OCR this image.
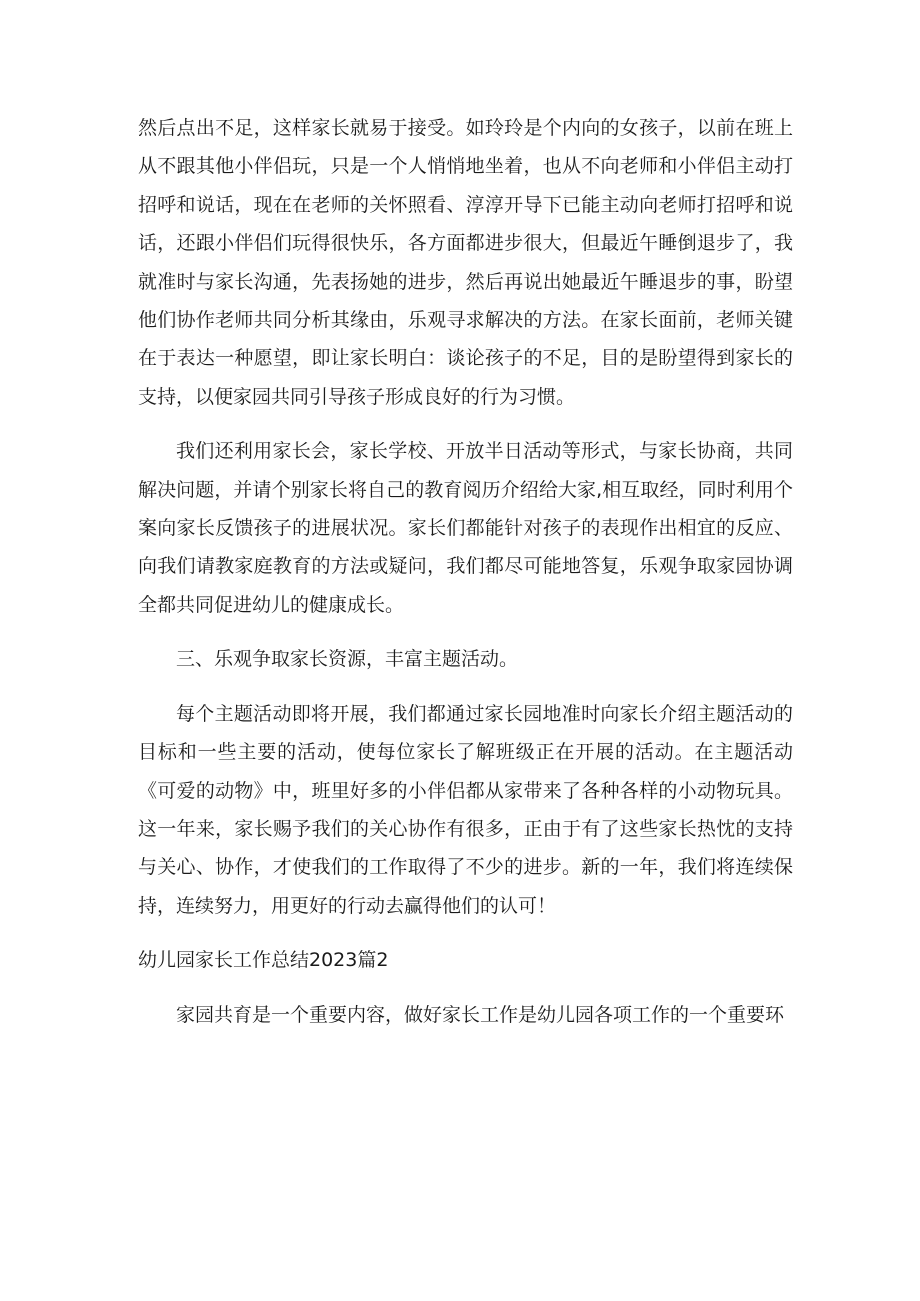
然后点出不足，这样家长就易于接受。如玲玲是个内向的女孩子，以前在班上从不跟其他小伴侣玩，只是一个人悄悄地坐着，也从不向老师和小伴侣主动打招呼和说话，现在在老师的关怀照看、淳淳开导下已能主动向老师打招呼和说话，还跟小伴侣们玩得很快乐，各方面都进步很大，但最近午睡倒退步了，我就准时与家长沟通，先表扬她的进步，然后再说出她最近午睡退步的事，盼望他们协作老师共同分析其缘由，乐观寻求解决的方法。在家长面前，老师关键在于表达一种愿望，即让家长明白：谈论孩子的不足，目的是盼望得到家长的支持，以便家园共同引导孩子形成良好的行为习惯。

我们还利用家长会，家长学校、开放半日活动等形式，与家长协商，共同解决问题，并请个别家长将自己的教育阅历介绍给大家,相互取经，同时利用个案向家长反馈孩子的进展状况。家长们都能针对孩子的表现作出相宜的反应、向我们请教家庭教育的方法或疑问，我们都尽可能地答复，乐观争取家园协调全都共同促进幼儿的健康成长。

三、乐观争取家长资源，丰富主题活动。

每个主题活动即将开展，我们都通过家长园地准时向家长介绍主题活动的目标和一些主要的活动，使每位家长了解班级正在开展的活动。在主题活动《可爱的动物》中，班里好多的小伴侣都从家带来了各种各样的小动物玩具。这一年来，家长赐予我们的关心协作有很多，正由于有了这些家长热忱的支持与关心、协作，才使我们的工作取得了不少的进步。新的一年，我们将连续保持，连续努力，用更好的行动去赢得他们的认可！

幼儿园家长工作总结2023篇2

家园共育是一个重要内容，做好家长工作是幼儿园各项工作的一个重要环
